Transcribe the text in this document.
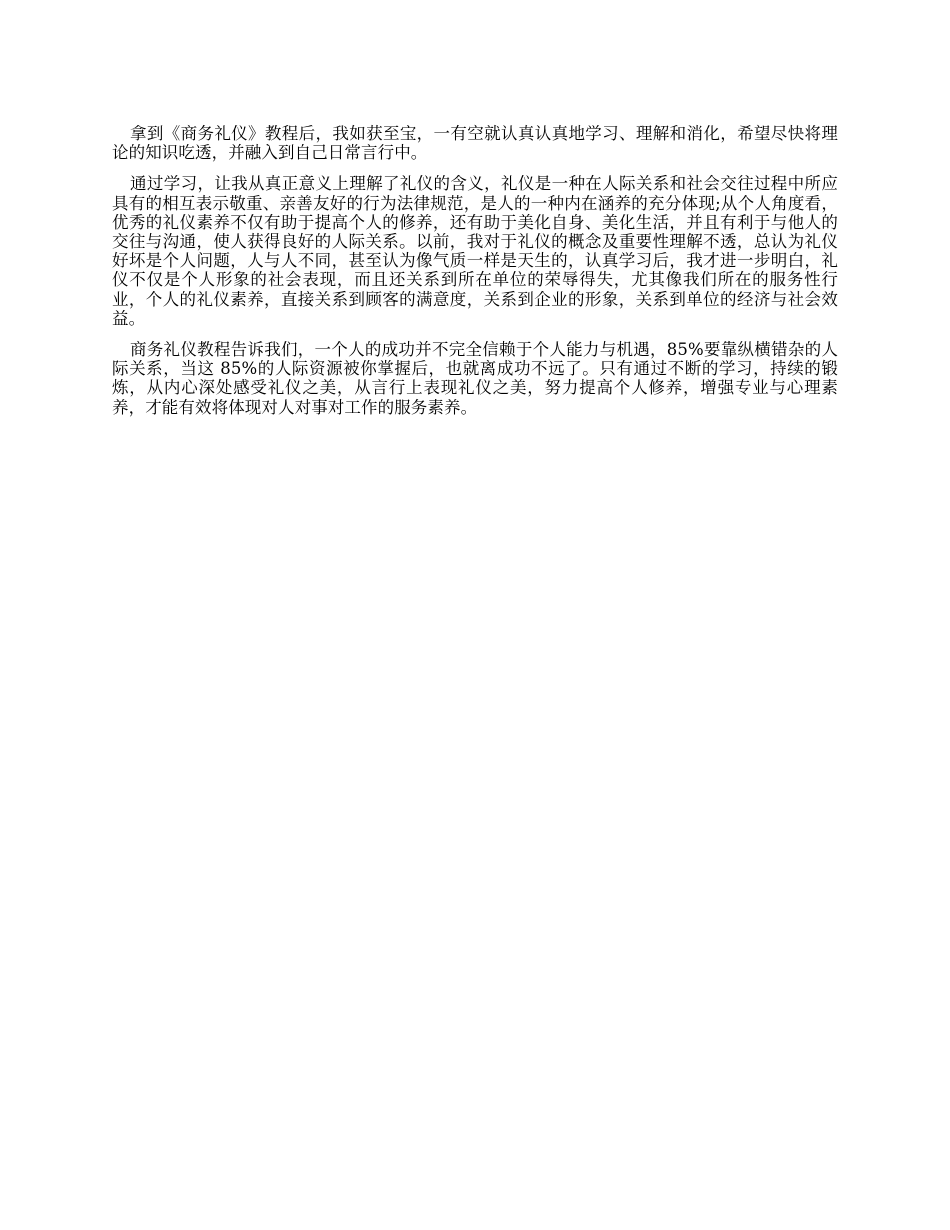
拿到《商务礼仪》教程后，我如获至宝，一有空就认真认真地学习、理解和消化，希望尽快将理论的知识吃透，并融入到自己日常言行中。

通过学习，让我从真正意义上理解了礼仪的含义，礼仪是一种在人际关系和社会交往过程中所应具有的相互表示敬重、亲善友好的行为法律规范，是人的一种内在涵养的充分体现;从个人角度看，优秀的礼仪素养不仅有助于提高个人的修养，还有助于美化自身、美化生活，并且有利于与他人的交往与沟通，使人获得良好的人际关系。以前，我对于礼仪的概念及重要性理解不透，总认为礼仪好坏是个人问题，人与人不同，甚至认为像气质一样是天生的，认真学习后，我才进一步明白，礼仪不仅是个人形象的社会表现，而且还关系到所在单位的荣辱得失，尤其像我们所在的服务性行业，个人的礼仪素养，直接关系到顾客的满意度，关系到企业的形象，关系到单位的经济与社会效益。

商务礼仪教程告诉我们，一个人的成功并不完全信赖于个人能力与机遇，85%要靠纵横错杂的人际关系，当这 85%的人际资源被你掌握后，也就离成功不远了。只有通过不断的学习，持续的锻炼，从内心深处感受礼仪之美，从言行上表现礼仪之美，努力提高个人修养，增强专业与心理素养，才能有效将体现对人对事对工作的服务素养。
